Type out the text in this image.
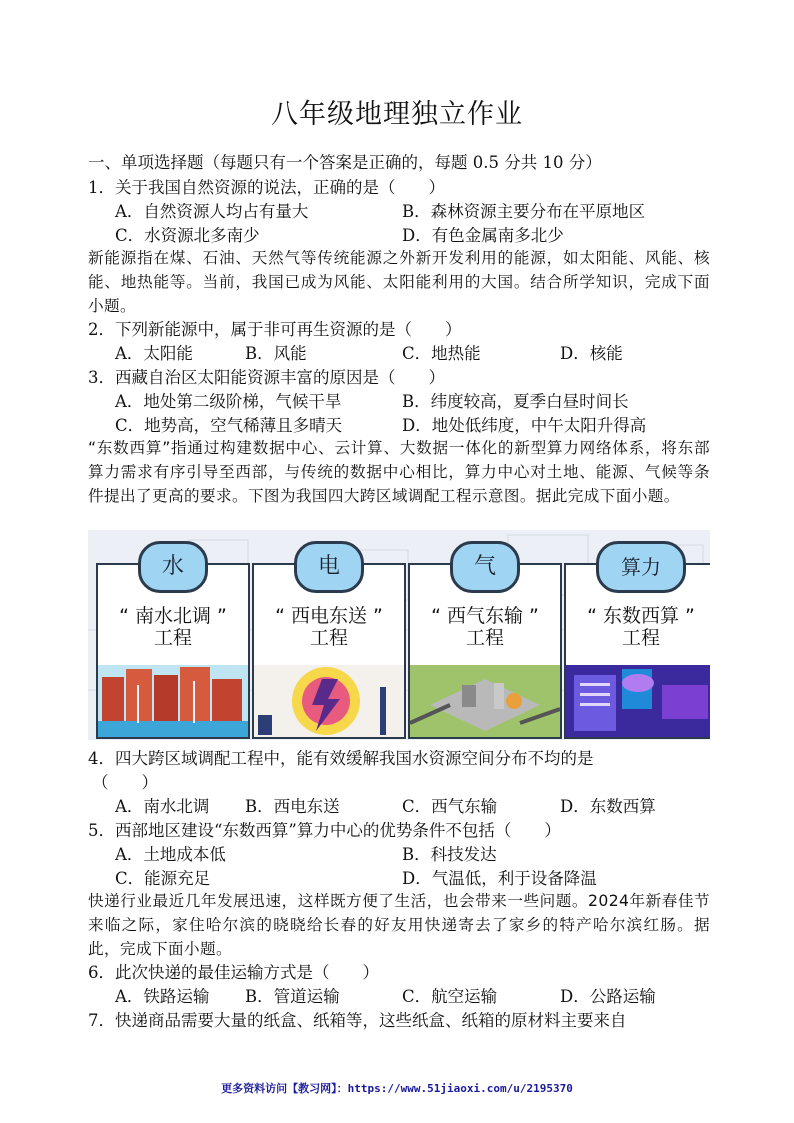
八年级地理独立作业
一、单项选择题（每题只有一个答案是正确的，每题 0.5 分共 10 分）
1．关于我国自然资源的说法，正确的是（　　）
A．自然资源人均占有量大	B．森林资源主要分布在平原地区
C．水资源北多南少	D．有色金属南多北少
新能源指在煤、石油、天然气等传统能源之外新开发利用的能源，如太阳能、风能、核能、地热能等。当前，我国已成为风能、太阳能利用的大国。结合所学知识，完成下面小题。
2．下列新能源中，属于非可再生资源的是（　　）
A．太阳能	B．风能	C．地热能	D．核能
3．西藏自治区太阳能资源丰富的原因是（　　）
A．地处第二级阶梯，气候干旱	B．纬度较高，夏季白昼时间长
C．地势高，空气稀薄且多晴天	D．地处低纬度，中午太阳升得高
“东数西算”指通过构建数据中心、云计算、大数据一体化的新型算力网络体系，将东部算力需求有序引导至西部，与传统的数据中心相比，算力中心对土地、能源、气候等条件提出了更高的要求。下图为我国四大跨区域调配工程示意图。据此完成下面小题。
水
“ 南水北调 ”
工程
电
“ 西电东送 ”
工程
气
“ 西气东输 ”
工程
算力
“ 东数西算 ”
工程
4．四大跨区域调配工程中，能有效缓解我国水资源空间分布不均的是
（　　）
A．南水北调 B．西电东送	C．西气东输	D．东数西算
5．西部地区建设“东数西算”算力中心的优势条件不包括（　　）
A．土地成本低	B．科技发达
C．能源充足	D．气温低，利于设备降温
快递行业最近几年发展迅速，这样既方便了生活，也会带来一些问题。2024年新春佳节来临之际，家住哈尔滨的晓晓给长春的好友用快递寄去了家乡的特产哈尔滨红肠。据此，完成下面小题。
6．此次快递的最佳运输方式是（　　）
A．铁路运输 B．管道运输	C．航空运输	D．公路运输
7．快递商品需要大量的纸盒、纸箱等，这些纸盒、纸箱的原材料主要来自
更多资料访问【教习网】：https://www.51jiaoxi.com/u/2195370
